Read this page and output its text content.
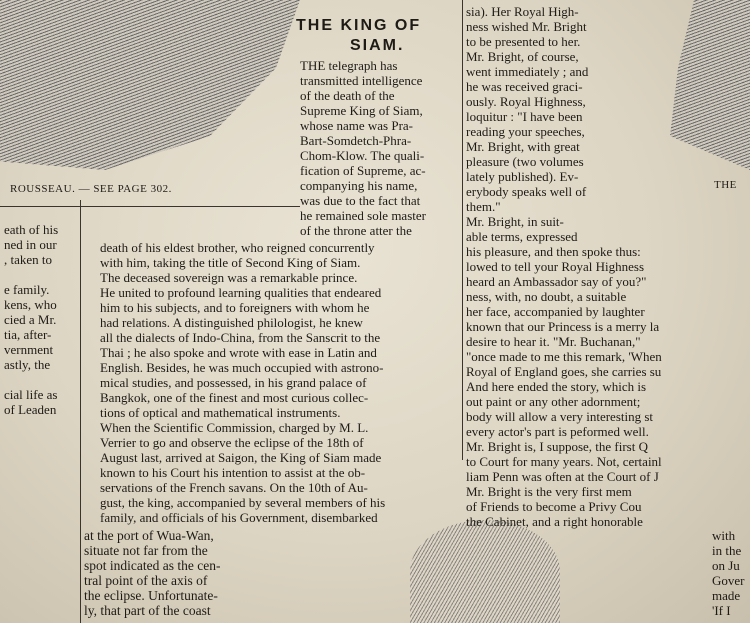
THE KING OF
SIAM.
ROUSSEAU. — SEE PAGE 302.	THE
THE telegraph has
transmitted intelligence
of the death of the
Supreme King of Siam,
whose name was Pra-
Bart-Somdetch-Phra-
Chom-Klow. The quali-
fication of Supreme, ac-
companying his name,
was due to the fact that
he remained sole master
of the throne atter the
eath of his
ned in our
, taken to
e family.
kens, who
cied a Mr.
tia, after-
vernment
astly, the
cial life as
of Leaden
sia). Her Royal High-
ness wished Mr. Bright
to be presented to her.
Mr. Bright, of course,
went immediately ; and
he was received graci-
ously. Royal Highness,
loquitur : "I have been
reading your speeches,
Mr. Bright, with great
pleasure (two volumes
lately published). Ev-
erybody speaks well of
them."
Mr. Bright, in suit-
able terms, expressed
his pleasure, and then spoke thus:
lowed to tell your Royal Highness
heard an Ambassador say of you?"
ness, with, no doubt, a suitable
her face, accompanied by laughter
known that our Princess is a merry la
desire to hear it. "Mr. Buchanan,"
"once made to me this remark, 'When
Royal of England goes, she carries su
And here ended the story, which is
out paint or any other adornment;
body will allow a very interesting st
every actor's part is peformed well.
Mr. Bright is, I suppose, the first Q
to Court for many years. Not, certainl
liam Penn was often at the Court of J
Mr. Bright is the very first mem
of Friends to become a Privy Cou
the Cabinet, and a right honorable
death of his eldest brother, who reigned concurrently
with him, taking the title of Second King of Siam.
The deceased sovereign was a remarkable prince.
He united to profound learning qualities that endeared
him to his subjects, and to foreigners with whom he
had relations. A distinguished philologist, he knew
all the dialects of Indo-China, from the Sanscrit to the
Thai ; he also spoke and wrote with ease in Latin and
English. Besides, he was much occupied with astrono-
mical studies, and possessed, in his grand palace of
Bangkok, one of the finest and most curious collec-
tions of optical and mathematical instruments.
When the Scientific Commission, charged by M. L.
Verrier to go and observe the eclipse of the 18th of
August last, arrived at Saigon, the King of Siam made
known to his Court his intention to assist at the ob-
servations of the French savans. On the 10th of Au-
gust, the king, accompanied by several members of his
family, and officials of his Government, disembarked
at the port of Wua-Wan,
situate not far from the
spot indicated as the cen-
tral point of the axis of
the eclipse. Unfortunate-
ly, that part of the coast
with
in the
on Ju
Gover
made
'If I
